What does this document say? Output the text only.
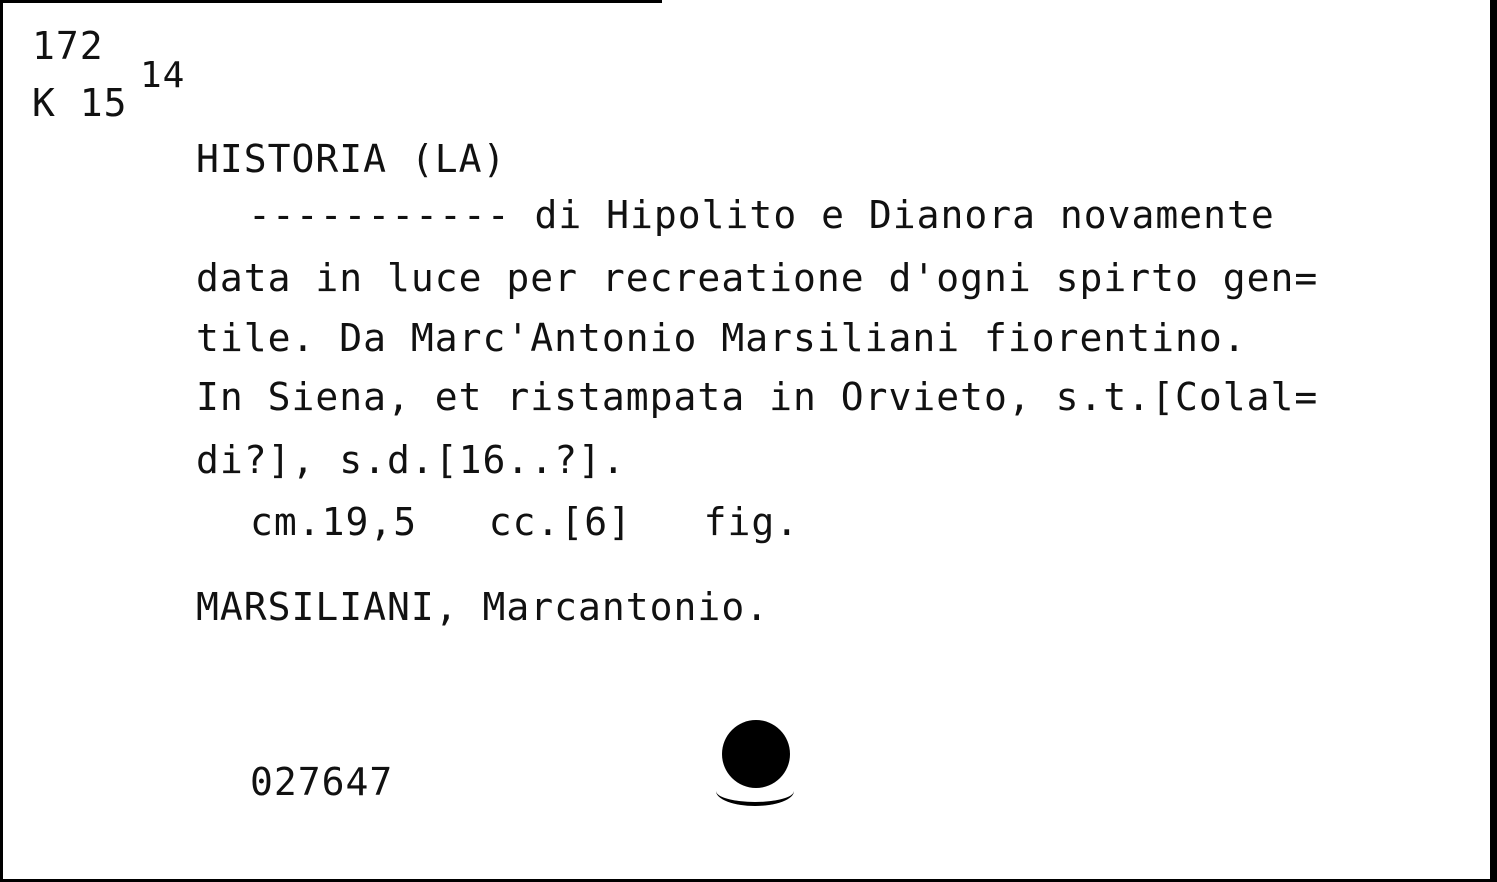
172
K 15
14
HISTORIA (LA)
----------- di Hipolito e Dianora novamente
data in luce per recreatione d'ogni spirto gen=
tile. Da Marc'Antonio Marsiliani fiorentino.
In Siena, et ristampata in Orvieto, s.t.[Colal=
di?], s.d.[16..?].
cm.19,5   cc.[6]   fig.
MARSILIANI, Marcantonio.
027647
